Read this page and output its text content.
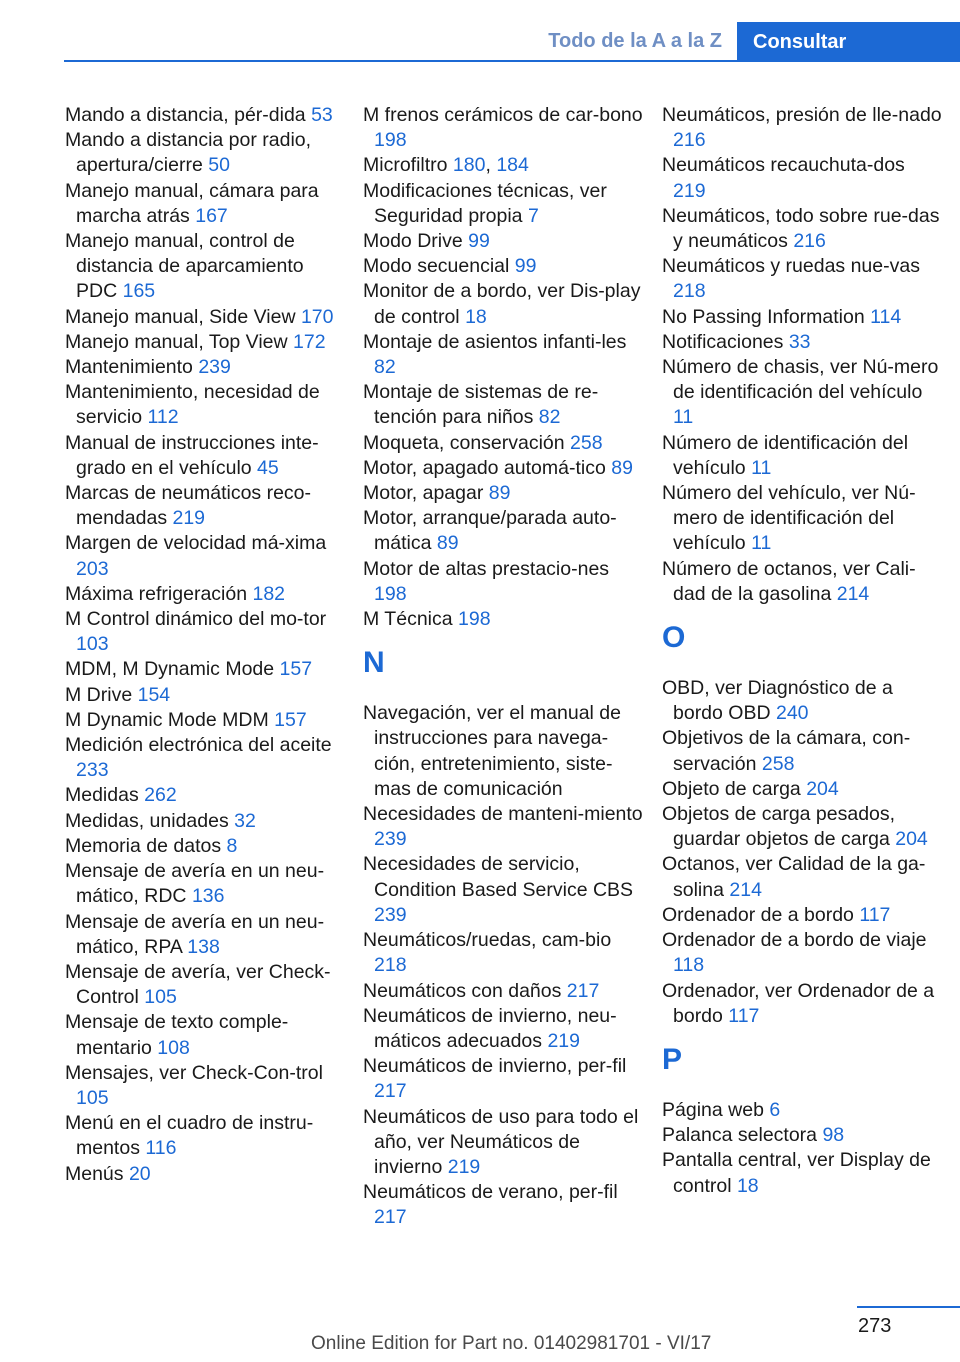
Todo de la A a la Z	Consultar
Mando a distancia, pér-dida 53
Mando a distancia por radio, apertura/cierre 50
Manejo manual, cámara para marcha atrás 167
Manejo manual, control de distancia de aparcamiento PDC 165
Manejo manual, Side View 170
Manejo manual, Top View 172
Mantenimiento 239
Mantenimiento, necesidad de servicio 112
Manual de instrucciones inte-grado en el vehículo 45
Marcas de neumáticos reco-mendadas 219
Margen de velocidad má-xima 203
Máxima refrigeración 182
M Control dinámico del mo-tor 103
MDM, M Dynamic Mode 157
M Drive 154
M Dynamic Mode MDM 157
Medición electrónica del aceite 233
Medidas 262
Medidas, unidades 32
Memoria de datos 8
Mensaje de avería en un neu-mático, RDC 136
Mensaje de avería en un neu-mático, RPA 138
Mensaje de avería, ver Check-Control 105
Mensaje de texto comple-mentario 108
Mensajes, ver Check-Con-trol 105
Menú en el cuadro de instru-mentos 116
Menús 20
M frenos cerámicos de car-bono 198
Microfiltro 180, 184
Modificaciones técnicas, ver Seguridad propia 7
Modo Drive 99
Modo secuencial 99
Monitor de a bordo, ver Dis-play de control 18
Montaje de asientos infanti-les 82
Montaje de sistemas de re-tención para niños 82
Moqueta, conservación 258
Motor, apagado automá-tico 89
Motor, apagar 89
Motor, arranque/parada auto-mática 89
Motor de altas prestacio-nes 198
M Técnica 198
N
Navegación, ver el manual de instrucciones para navega-ción, entretenimiento, siste-mas de comunicación
Necesidades de manteni-miento 239
Necesidades de servicio, Condition Based Service CBS 239
Neumáticos/ruedas, cam-bio 218
Neumáticos con daños 217
Neumáticos de invierno, neu-máticos adecuados 219
Neumáticos de invierno, per-fil 217
Neumáticos de uso para todo el año, ver Neumáticos de invierno 219
Neumáticos de verano, per-fil 217
Neumáticos, presión de lle-nado 216
Neumáticos recauchuta-dos 219
Neumáticos, todo sobre rue-das y neumáticos 216
Neumáticos y ruedas nue-vas 218
No Passing Information 114
Notificaciones 33
Número de chasis, ver Nú-mero de identificación del vehículo 11
Número de identificación del vehículo 11
Número del vehículo, ver Nú-mero de identificación del vehículo 11
Número de octanos, ver Cali-dad de la gasolina 214
O
OBD, ver Diagnóstico de a bordo OBD 240
Objetivos de la cámara, con-servación 258
Objeto de carga 204
Objetos de carga pesados, guardar objetos de carga 204
Octanos, ver Calidad de la ga-solina 214
Ordenador de a bordo 117
Ordenador de a bordo de viaje 118
Ordenador, ver Ordenador de a bordo 117
P
Página web 6
Palanca selectora 98
Pantalla central, ver Display de control 18
273
Online Edition for Part no. 01402981701 - VI/17
